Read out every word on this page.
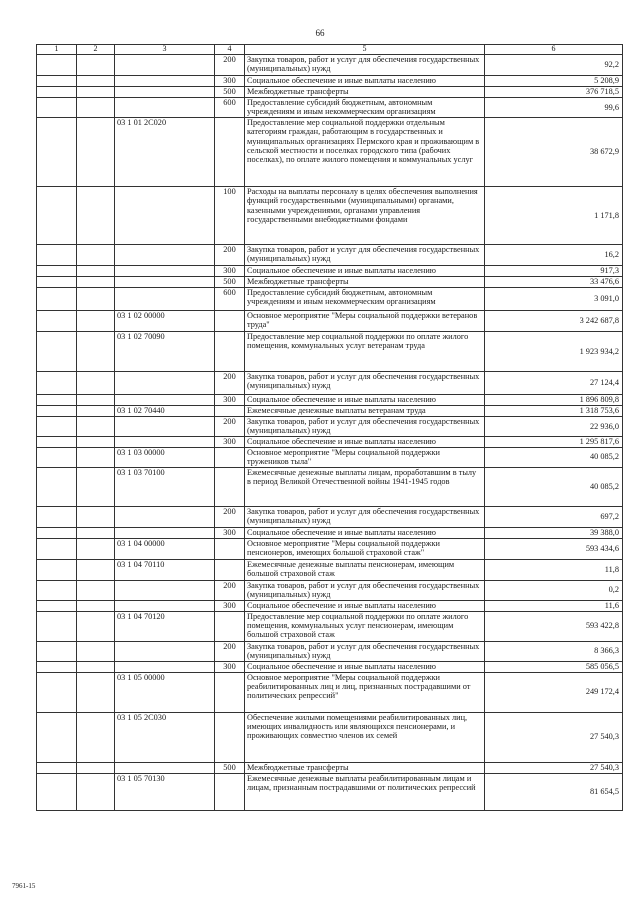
66
1	2	3	4	5	6
			200	Закупка товаров, работ и услуг для обеспечения государственных (муниципальных) нужд	92,2
			300	Социальное обеспечение и иные выплаты населению	5 208,9
			500	Межбюджетные трансферты	376 718,5
			600	Предоставление субсидий бюджетным, автономным учреждениям и иным некоммерческим организациям	99,6
		03 1 01 2С020		Предоставление мер социальной поддержки отдельным категориям граждан, работающим в государственных и муниципальных организациях Пермского края и проживающим в сельской местности и поселках городского типа (рабочих поселках), по оплате жилого помещения и коммунальных услуг	38 672,9
			100	Расходы на выплаты персоналу в целях обеспечения выполнения функций государственными (муниципальными) органами, казенными учреждениями, органами управления государственными внебюджетными фондами	1 171,8
			200	Закупка товаров, работ и услуг для обеспечения государственных (муниципальных) нужд	16,2
			300	Социальное обеспечение и иные выплаты населению	917,3
			500	Межбюджетные трансферты	33 476,6
			600	Предоставление субсидий бюджетным, автономным учреждениям и иным некоммерческим организациям	3 091,0
		03 1 02 00000		Основное мероприятие "Меры социальной поддержки ветеранов труда"	3 242 687,8
		03 1 02 70090		Предоставление мер социальной поддержки по оплате жилого помещения, коммунальных услуг ветеранам труда	1 923 934,2
			200	Закупка товаров, работ и услуг для обеспечения государственных (муниципальных) нужд	27 124,4
			300	Социальное обеспечение и иные выплаты населению	1 896 809,8
		03 1 02 70440		Ежемесячные денежные выплаты ветеранам труда	1 318 753,6
			200	Закупка товаров, работ и услуг для обеспечения государственных (муниципальных) нужд	22 936,0
			300	Социальное обеспечение и иные выплаты населению	1 295 817,6
		03 1 03 00000		Основное мероприятие "Меры социальной поддержки тружеников тыла"	40 085,2
		03 1 03 70100		Ежемесячные денежные выплаты лицам, проработавшим в тылу в период Великой Отечественной войны 1941-1945 годов	40 085,2
			200	Закупка товаров, работ и услуг для обеспечения государственных (муниципальных) нужд	697,2
			300	Социальное обеспечение и иные выплаты населению	39 388,0
		03 1 04 00000		Основное мероприятие "Меры социальной поддержки пенсионеров, имеющих большой страховой стаж"	593 434,6
		03 1 04 70110		Ежемесячные денежные выплаты пенсионерам, имеющим большой страховой стаж	11,8
			200	Закупка товаров, работ и услуг для обеспечения государственных (муниципальных) нужд	0,2
			300	Социальное обеспечение и иные выплаты населению	11,6
		03 1 04 70120		Предоставление мер социальной поддержки по оплате жилого помещения, коммунальных услуг пенсионерам, имеющим большой страховой стаж	593 422,8
			200	Закупка товаров, работ и услуг для обеспечения государственных (муниципальных) нужд	8 366,3
			300	Социальное обеспечение и иные выплаты населению	585 056,5
		03 1 05 00000		Основное мероприятие "Меры социальной поддержки реабилитированных лиц и лиц, признанных пострадавшими от политических репрессий"	249 172,4
		03 1 05 2С030		Обеспечение жилыми помещениями реабилитированных лиц, имеющих инвалидность или являющихся пенсионерами, и проживающих совместно членов их семей	27 540,3
			500	Межбюджетные трансферты	27 540,3
		03 1 05 70130		Ежемесячные денежные выплаты реабилитированным лицам и лицам, признанным пострадавшими от политических репрессий	81 654,5
7961-15
